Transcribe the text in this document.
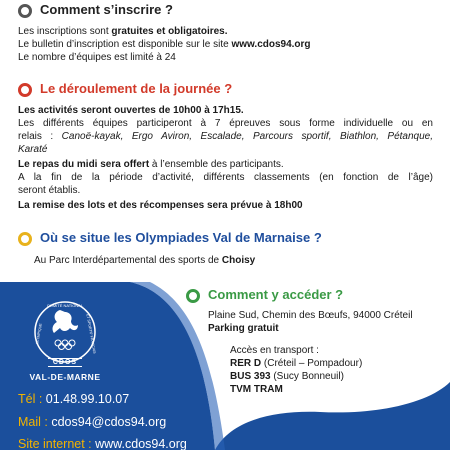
Comment s’inscrire ?
Les inscriptions sont gratuites et obligatoires.
Le bulletin d’inscription est disponible sur le site www.cdos94.org
Le nombre d’équipes est limité à 24
Le déroulement de la journée ?
Les activités seront ouvertes de 10h00 à 17h15.
Les différents équipes participeront à 7 épreuves sous forme individuelle ou en
relais : Canoë-kayak, Ergo Aviron, Escalade, Parcours sportif, Biathlon, Pétanque,
Karaté
Le repas du midi sera offert à l’ensemble des participants.
A la fin de la période d’activité, différents classements (en fonction de l’âge)
seront établis.
La remise des lots et des récompenses sera prévue à 18h00
Où se situe les Olympiades Val de Marnaise ?
Au Parc Interdépartemental des sports de Choisy
Comment y accéder ?
Plaine Sud, Chemin des Bœufs, 94000 Créteil
Parking gratuit
Accès en transport :
RER D (Créteil – Pompadour)
BUS 393 (Sucy Bonneuil)
TVM TRAM
COMITÉ NATIONAL
OLYMPIQUE	ET SPORTIF FRANÇAIS
CDOS
VAL-DE-MARNE
Tél : 01.48.99.10.07
Mail : cdos94@cdos94.org
Site internet : www.cdos94.org
